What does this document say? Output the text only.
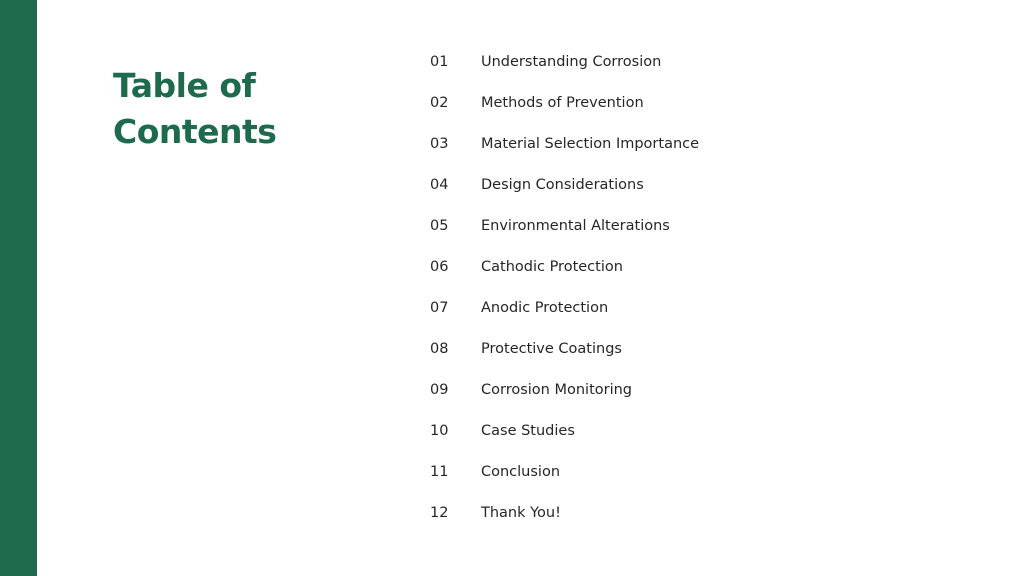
Table of
Contents
01	Understanding Corrosion
02	Methods of Prevention
03	Material Selection Importance
04	Design Considerations
05	Environmental Alterations
06	Cathodic Protection
07	Anodic Protection
08	Protective Coatings
09	Corrosion Monitoring
10	Case Studies
11	Conclusion
12	Thank You!
